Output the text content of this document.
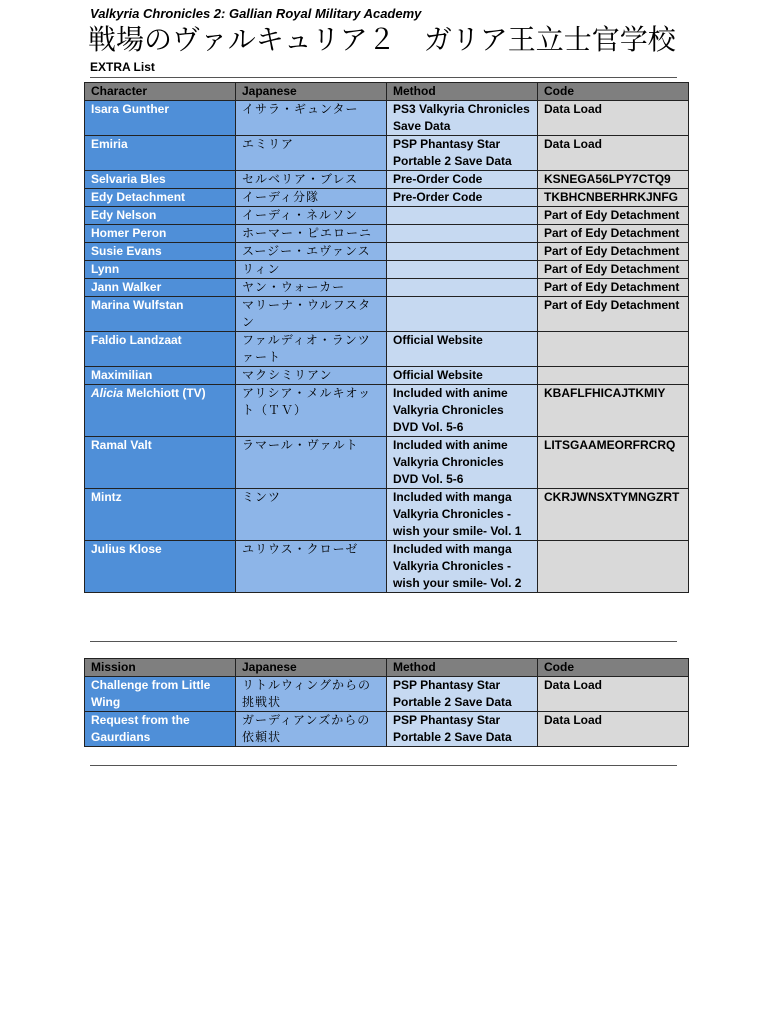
Valkyria Chronicles 2: Gallian Royal Military Academy
戦場のヴァルキュリア２　ガリア王立士官学校
EXTRA List
Character	Japanese	Method	Code
Isara Gunther	イサラ・ギュンター	PS3 Valkyria Chronicles Save Data	Data Load
Emiria	エミリア	PSP Phantasy Star Portable 2 Save Data	Data Load
Selvaria Bles	セルベリア・ブレス	Pre-Order Code	KSNEGA56LPY7CTQ9
Edy Detachment	イーディ分隊	Pre-Order Code	TKBHCNBERHRKJNFG
Edy Nelson	イーディ・ネルソン		Part of Edy Detachment
Homer Peron	ホーマー・ピエローニ		Part of Edy Detachment
Susie Evans	スージー・エヴァンス		Part of Edy Detachment
Lynn	リィン		Part of Edy Detachment
Jann Walker	ヤン・ウォーカー		Part of Edy Detachment
Marina Wulfstan	マリーナ・ウルフスタン		Part of Edy Detachment
Faldio Landzaat	ファルディオ・ランツァート	Official Website	
Maximilian	マクシミリアン	Official Website	
Alicia Melchiott (TV)	アリシア・メルキオット（ＴＶ）	Included with anime Valkyria Chronicles DVD Vol. 5-6	KBAFLFHICAJTKMIY
Ramal Valt	ラマール・ヴァルト	Included with anime Valkyria Chronicles DVD Vol. 5-6	LITSGAAMEORFRCRQ
Mintz	ミンツ	Included with manga Valkyria Chronicles -wish your smile- Vol. 1	CKRJWNSXTYMNGZRT
Julius Klose	ユリウス・クローゼ	Included with manga Valkyria Chronicles -wish your smile- Vol. 2	
Mission	Japanese	Method	Code
Challenge from Little Wing	リトルウィングからの挑戦状	PSP Phantasy Star Portable 2 Save Data	Data Load
Request from the Gaurdians	ガーディアンズからの依頼状	PSP Phantasy Star Portable 2 Save Data	Data Load
